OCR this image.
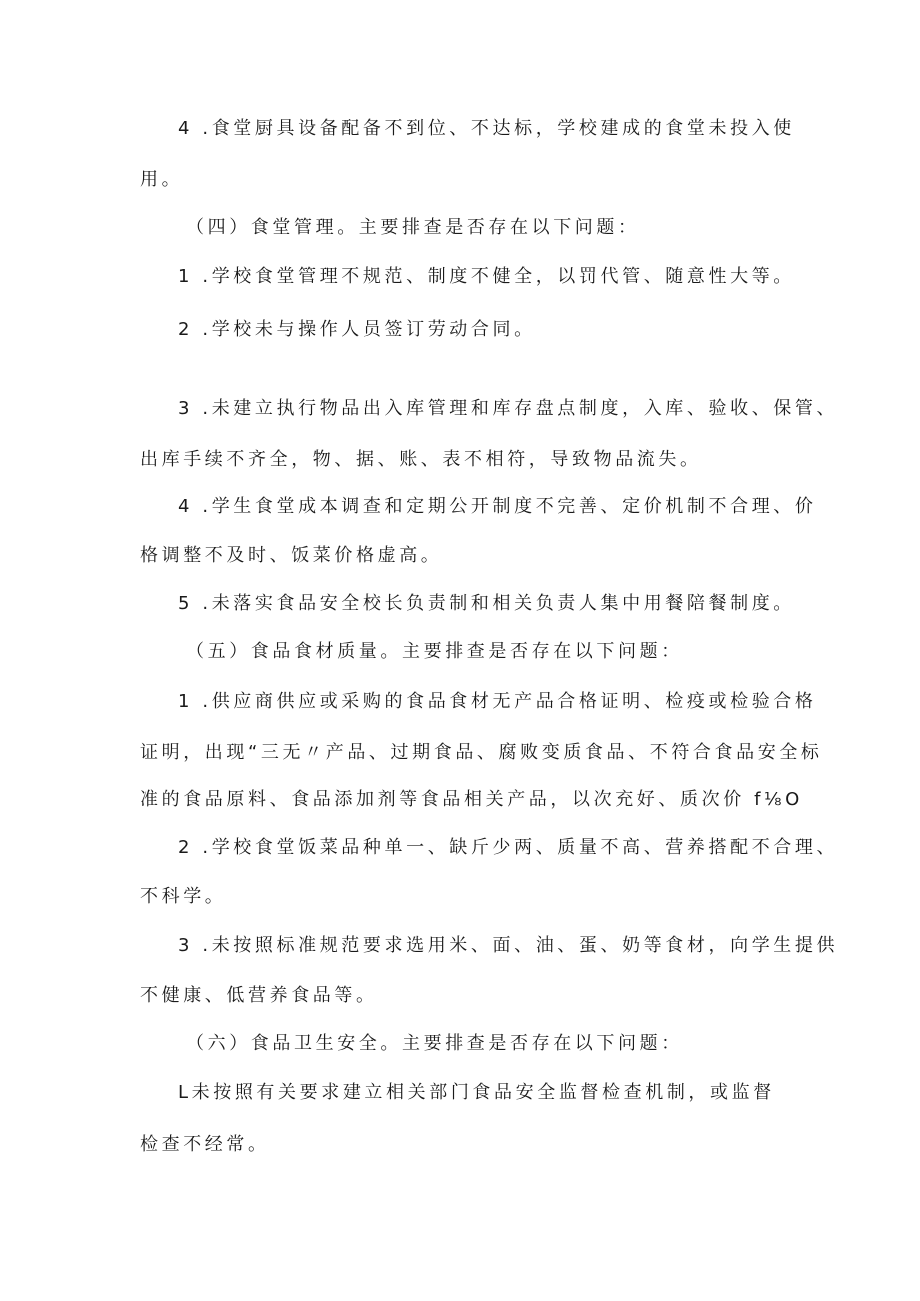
4 .食堂厨具设备配备不到位、不达标，学校建成的食堂未投入使
用。
（四）食堂管理。主要排查是否存在以下问题：
1 .学校食堂管理不规范、制度不健全，以罚代管、随意性大等。
2 .学校未与操作人员签订劳动合同。
3 .未建立执行物品出入库管理和库存盘点制度，入库、验收、保管、
出库手续不齐全，物、据、账、表不相符，导致物品流失。
4 .学生食堂成本调查和定期公开制度不完善、定价机制不合理、价
格调整不及时、饭菜价格虚高。
5 .未落实食品安全校长负责制和相关负责人集中用餐陪餐制度。
（五）食品食材质量。主要排查是否存在以下问题：
1 .供应商供应或采购的食品食材无产品合格证明、检疫或检验合格
证明，出现“三无〃产品、过期食品、腐败变质食品、不符合食品安全标
准的食品原料、食品添加剂等食品相关产品，以次充好、质次价 f⅛O
2 .学校食堂饭菜品种单一、缺斤少两、质量不高、营养搭配不合理、
不科学。
3 .未按照标准规范要求选用米、面、油、蛋、奶等食材，向学生提供
不健康、低营养食品等。
（六）食品卫生安全。主要排查是否存在以下问题：
L未按照有关要求建立相关部门食品安全监督检查机制，或监督
检查不经常。
